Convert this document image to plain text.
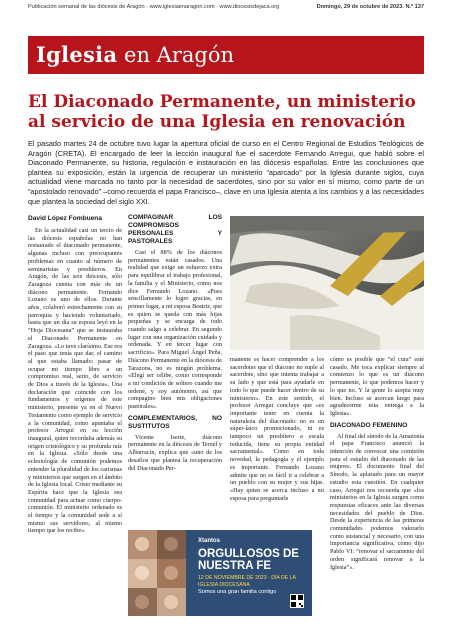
Publicación semanal de las diócesis de Aragón · www.iglesiaenaragon.com · www.diocesisdejaca.org	Domingo, 29 de octubre de 2023. N.º 137
Iglesia en Aragón
El Diaconado Permanente, un ministerio al servicio de una Iglesia en renovación
El pasado martes 24 de octubre tuvo lugar la apertura oficial de curso en el Centro Regional de Estudios Teológicos de Aragón (CRETA). El encargado de leer la lección inaugural fue el sacerdote Fernando Arregui, que habló sobre el Diaconado Permanente, su historia, regulación e instauración en las diócesis españolas. Entre las conclusiones que plantea su exposición, están la urgencia de recuperar un ministerio “aparcado” por la Iglesia durante siglos, cuya actualidad viene marcada no tanto por la necesidad de sacerdotes, sino por su valor en sí mismo, como parte de un “apostolado renovado” –como recuerda el papa Francisco–, clave en una Iglesia atenta a los cambios y a las necesidades que plantea la sociedad del siglo XXI.
David López Fombuena

En la actualidad casi un tercio de las diócesis españolas no han restaurado el diaconado permanente, algunas incluso con preocupantes problemas en cuanto al número de seminaristas y presbíteros. En Aragón, de las seis diócesis, sólo Zaragoza cuenta con más de un diácono permanente. Fernando Lozano es uno de ellos. Durante años, colaboró estrechamente con su parroquia y haciendo voluntariado, hasta que un día su esposa leyó en la “Hoja Diocesana” que se instauraba el Diaconado Permanente en Zaragoza. «Lo tuve clarísimo. Ese era el paso que tenía que dar, el camino al que estaba llamado: pasar de ocupar mi tiempo libre a un compromiso real, serio, de servicio de Dios a través de la Iglesia». Una declaración que coincide con los fundamentos y orígenes de este ministerio, presente ya en el Nuevo Testamento como ejemplo de servicio a la comunidad, como apuntaba el profesor Arregui en su lección inaugural, quien recordaba además su origen cristológico y su profunda raíz en la Iglesia. «Sólo desde una eclesiología de comunión podemos entender la pluralidad de los carismas y ministerios que surgen en el ámbito de la Iglesia local. Cristo mediante su Espíritu hace que la Iglesia sea comunidad para actuar como cuerpo-comunión. El ministerio ordenado es el tiempo y la comunidad sede a sí mismo sus servidores, al mismo tiempo que los recibe».

COMPAGINAR LOS COMPROMISOS PERSONALES Y PASTORALES

Casi el 88% de los diáconos permanentes están casados. Una realidad que exige un esfuerzo extra para equilibrar el trabajo profesional, la familia y el Ministerio, como nos dice Fernando Lozano. «Pues sencillamente lo logro gracias, en primer lugar, a mi esposa Beatriz, que es quien se queda con más hijas pequeñas y se encarga de todo cuando salgo a celebrar. En segundo lugar con una organización cuidada y ordenada. Y en tercer lugar con sacrificio». Para Miguel Ángel Peña, Diácono Permanente en la diócesis de Tarazona, no es ningún problema. «Elegí ser célibe, como corresponde a mi condición de soltero cuando me ordené, y soy autónomo, así que compagino bien mis obligaciones pastorales».

COMPLEMENTARIOS, NO SUSTITUTOS

Vicente Iserte, diácono permanente en la diócesis de Teruel y Albarracín, explica que «uno de los desafíos que plantea la recuperación del Diaconado Per-

manente es hacer comprender a los sacerdotes que el diácono no suple al sacerdote, sino que intenta trabajar a su lado y que está para ayudarle en todo lo que puede hacer dentro de su ministerio». En este sentido, el profesor Arregui concluye que «es importante tener en cuenta la naturaleza del diaconado: no es un súper-laico promocionado, ni es tampoco un presbítero a escala reducida, tiene su propia entidad sacramental». Como en toda novedad, la pedagogía y el ejemplo es importante. Fernando Lozano admite que no es fácil ir a celebrar a un pueblo con su mujer y sus hijas. «Hay quien se acerca incluso a mi esposa para preguntarle

cómo es posible que “el cura” esté casado. Me toca explicar siempre al comienzo lo que es un diácono permanente, lo que podemos hacer y lo que no. Y la gente lo acepta muy bien. Incluso se acercan luego para agradecerme esta entrega a la Iglesia».

DIACONADO FEMENINO

Al final del sínodo de la Amazonía el papa Francisco anunció la intención de convocar una comisión para el estudio del diaconado de las mujeres. El documento final del Sínodo, la aplazado para un mayor estudio esta cuestión. En cualquier caso, Arregui nos recuerda que «los ministerios en la Iglesia surgen como respuestas eficaces ante las diversas necesidades del pueblo de Dios. Desde la experiencia de las primeras comunidades podemos valorarlo como sustancial y necesario, con una importancia significativa, como dijo Pablo VI: “renovar el sacramento del orden significará renovar a la Iglesia”».

Xtantos
ORGULLOSOS DE NUESTRA FE
12 DE NOVIEMBRE DE 2023 · DÍA DE LA IGLESIA DIOCESANA
Somos una gran familia contigo
